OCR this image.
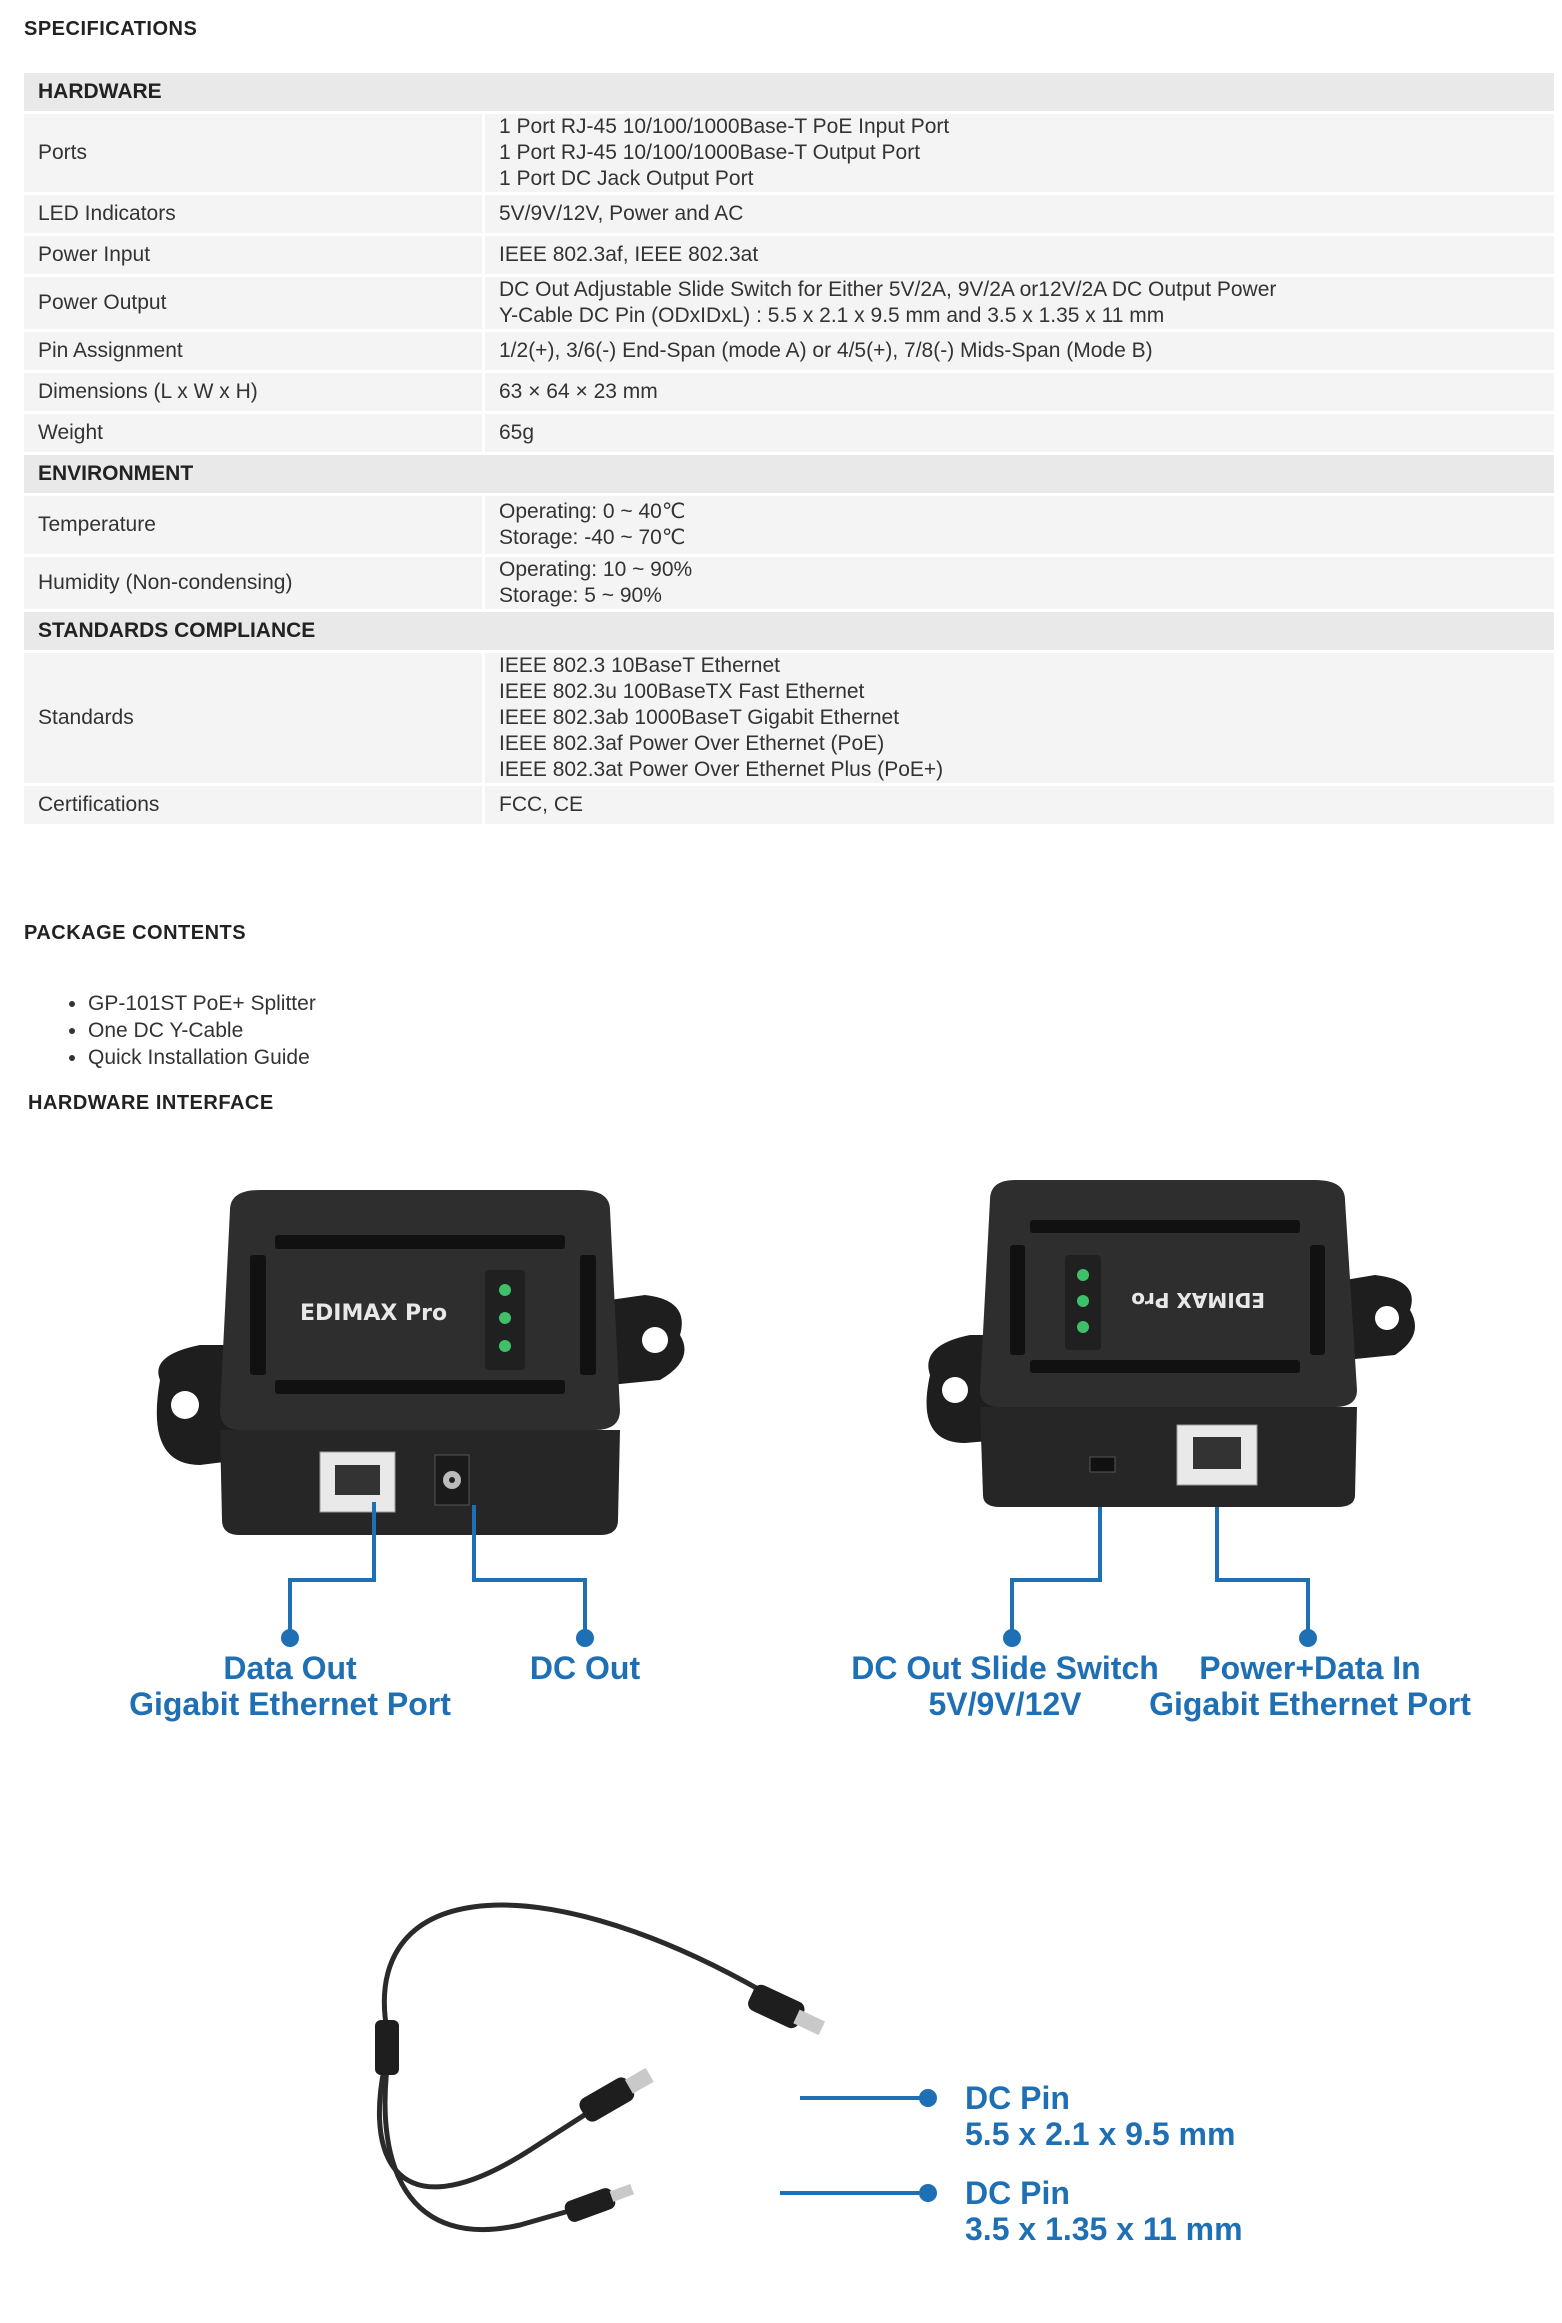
SPECIFICATIONS
HARDWARE	
Ports	1 Port RJ-45 10/100/1000Base-T PoE Input Port
1 Port RJ-45 10/100/1000Base-T Output Port
1 Port DC Jack Output Port

LED Indicators	5V/9V/12V, Power and AC

Power Input	IEEE 802.3af, IEEE 802.3at

Power Output	DC Out Adjustable Slide Switch for Either 5V/2A, 9V/2A or12V/2A DC Output Power
Y-Cable DC Pin (ODxIDxL) : 5.5 x 2.1 x 9.5 mm and 3.5 x 1.35 x 11 mm

Pin Assignment	1/2(+), 3/6(-) End-Span (mode A) or 4/5(+), 7/8(-) Mids-Span (Mode B)

Dimensions (L x W x H)	63 × 64 × 23 mm

Weight	65g

ENVIRONMENT	
Temperature	Operating: 0 ~ 40℃
Storage: -40 ~ 70℃

Humidity (Non-condensing)	Operating: 10 ~ 90%
Storage: 5 ~ 90%

STANDARDS COMPLIANCE	
Standards	IEEE 802.3 10BaseT Ethernet
IEEE 802.3u 100BaseTX Fast Ethernet
IEEE 802.3ab 1000BaseT Gigabit Ethernet
IEEE 802.3af Power Over Ethernet (PoE)
IEEE 802.3at Power Over Ethernet Plus (PoE+)

Certifications	FCC, CE
PACKAGE CONTENTS
• GP-101ST PoE+ Splitter
• One DC Y-Cable
• Quick Installation Guide
HARDWARE INTERFACE
EDIMAX Pro
Data Out
Gigabit Ethernet Port
DC Out
EDIMAX Pro
DC Out Slide Switch
5V/9V/12V
Power+Data In
Gigabit Ethernet Port
DC Pin
5.5 x 2.1 x 9.5 mm
DC Pin
3.5 x 1.35 x 11 mm
